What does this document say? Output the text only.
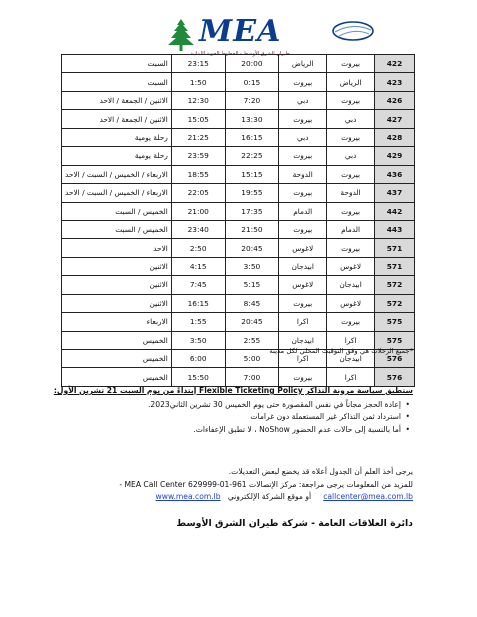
MEA
طيران الشرق الأوسط - الخطوط الجوية اللبنانية
422	بيروت	الرياض	20:00	23:15	السبت
423	الرياض	بيروت	0:15	1:50	السبت
426	بيروت	دبي	7:20	12:30	الاثنين / الجمعة / الاحد
427	دبي	بيروت	13:30	15:05	الاثنين / الجمعة / الاحد
428	بيروت	دبي	16:15	21:25	رحلة يومية
429	دبي	بيروت	22:25	23:59	رحلة يومية
436	بيروت	الدوحة	15:15	18:55	الاربعاء / الخميس / السبت / الاحد
437	الدوحة	بيروت	19:55	22:05	الاربعاء / الخميس / السبت / الاحد
442	بيروت	الدمام	17:35	21:00	الخميس / السبت
443	الدمام	بيروت	21:50	23:40	الخميس / السبت
571	بيروت	لاغوس	20:45	2:50	الاحد
571	لاغوس	ابيدجان	3:50	4:15	الاثنين
572	ابيدجان	لاغوس	5:15	7:45	الاثنين
572	لاغوس	بيروت	8:45	16:15	الاثنين
575	بيروت	اكرا	20:45	1:55	الاربعاء
575	اكرا	ابيدجان	2:55	3:50	الخميس
576	ابيدجان	اكرا	5:00	6:00	الخميس
576	اكرا	بيروت	7:00	15:50	الخميس
*جميع الرحلات هي وفق التوقيت المحلي لكل مدينة
ستطبق سياسة مرونة التذاكر Flexible Ticketing Policy إبتداءً من يوم السبت 21 تشرين الأول:
• إعادة الحجز مجاناً في نفس المقصورة حتى يوم الخميس 30 تشرين الثاني2023.
• استرداد ثمن التذاكر غير المستعملة دون غرامات
• أما بالنسبة إلى حالات عدم الحضور NoShow ، لا تطبق الإعفاءات.
يرجى أخذ العلم أن الجدول أعلاه قد يخضع لبعض التعديلات.
للمزيد من المعلومات يرجى مراجعة: مركز الإتصالات MEA Call Center 629999-01-961 -
callcenter@mea.com.lb     أو موقع الشركة الإلكتروني   www.mea.com.lb
دائرة العلاقات العامة - شركة طيران الشرق الأوسط
